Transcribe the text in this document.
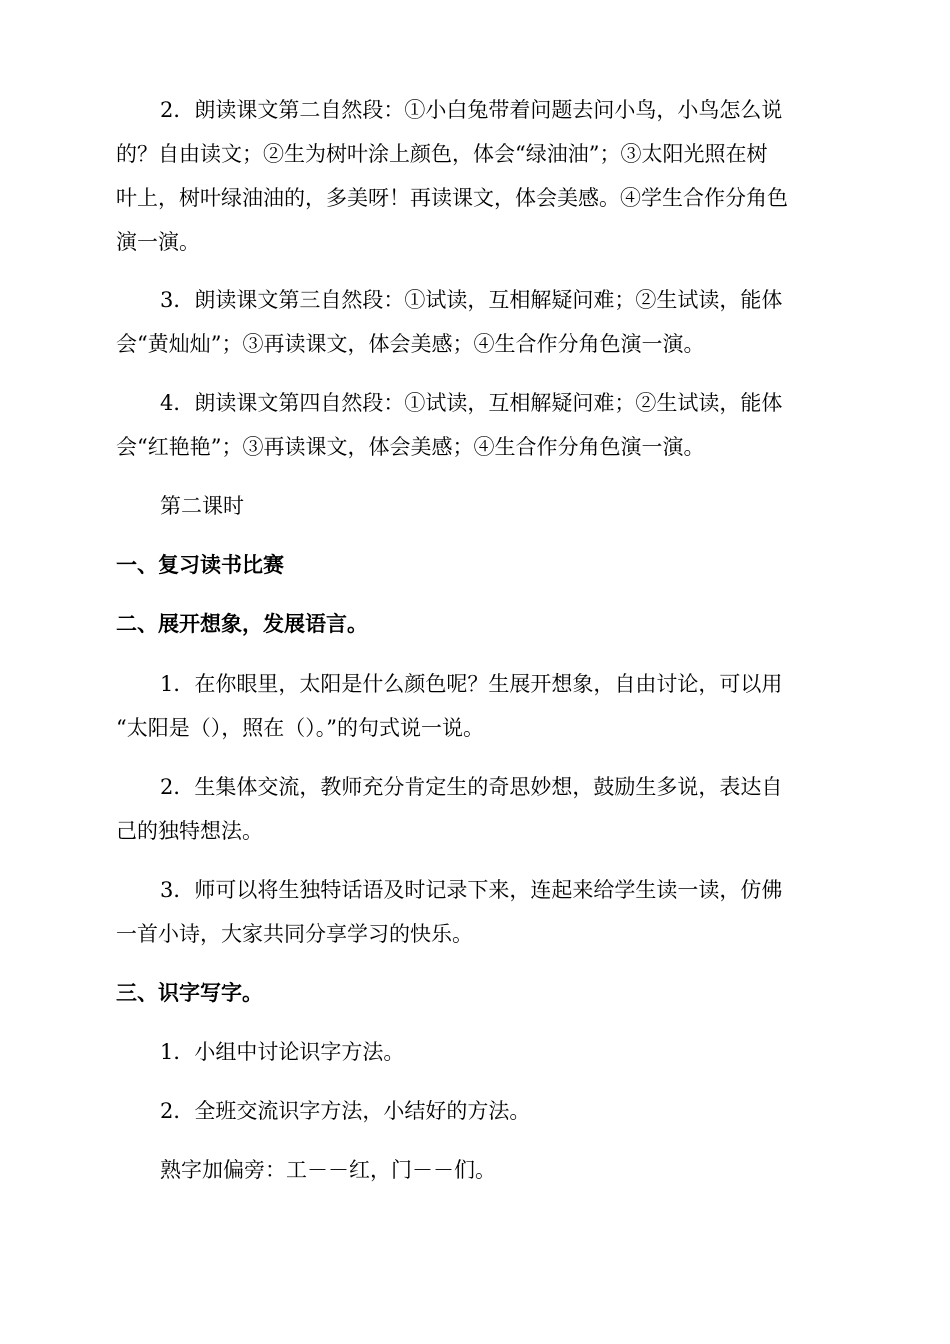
2．朗读课文第二自然段：①小白兔带着问题去问小鸟，小鸟怎么说
的？自由读文；②生为树叶涂上颜色，体会“绿油油”；③太阳光照在树
叶上，树叶绿油油的，多美呀！再读课文，体会美感。④学生合作分角色
演一演。
3．朗读课文第三自然段：①试读，互相解疑问难；②生试读，能体
会“黄灿灿”；③再读课文，体会美感；④生合作分角色演一演。
4．朗读课文第四自然段：①试读，互相解疑问难；②生试读，能体
会“红艳艳”；③再读课文，体会美感；④生合作分角色演一演。
第二课时
一、复习读书比赛
二、展开想象，发展语言。
1．在你眼里，太阳是什么颜色呢？生展开想象，自由讨论，可以用
“太阳是（），照在（）。”的句式说一说。
2．生集体交流，教师充分肯定生的奇思妙想，鼓励生多说，表达自
己的独特想法。
3．师可以将生独特话语及时记录下来，连起来给学生读一读，仿佛
一首小诗，大家共同分享学习的快乐。
三、识字写字。
1．小组中讨论识字方法。
2．全班交流识字方法，小结好的方法。
熟字加偏旁：工－－红，门－－们。
